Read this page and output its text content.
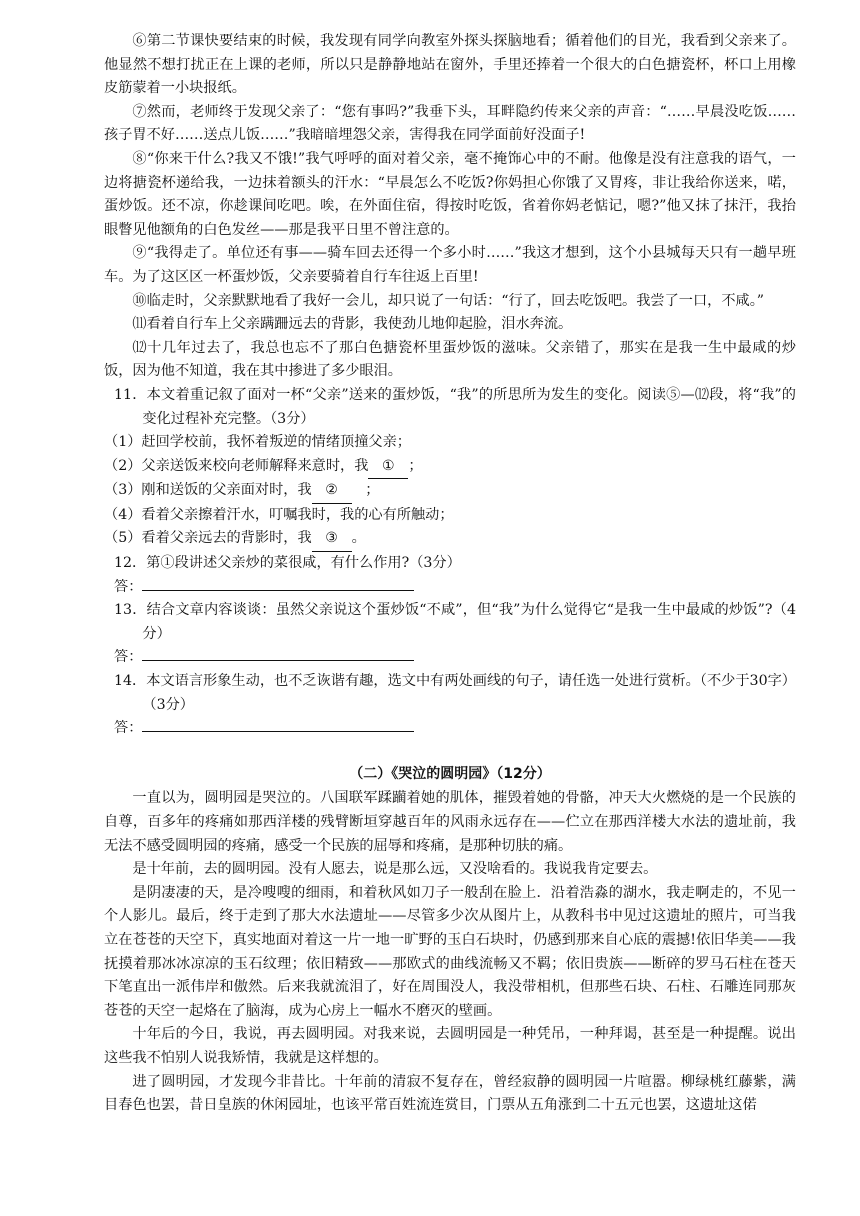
⑥第二节课快要结束的时候，我发现有同学向教室外探头探脑地看；循着他们的目光，我看到父亲来了。他显然不想打扰正在上课的老师，所以只是静静地站在窗外，手里还捧着一个很大的白色搪瓷杯，杯口上用橡皮筋蒙着一小块报纸。

⑦然而，老师终于发现父亲了：“您有事吗?”我垂下头，耳畔隐约传来父亲的声音：“……早晨没吃饭……孩子胃不好……送点儿饭……”我暗暗埋怨父亲，害得我在同学面前好没面子!

⑧“你来干什么?我又不饿!”我气呼呼的面对着父亲，毫不掩饰心中的不耐。他像是没有注意我的语气，一边将搪瓷杯递给我，一边抹着额头的汗水：“早晨怎么不吃饭?你妈担心你饿了又胃疼，非让我给你送来，喏，蛋炒饭。还不凉，你趁课间吃吧。唉，在外面住宿，得按时吃饭，省着你妈老惦记，嗯?”他又抹了抹汗，我抬眼瞥见他额角的白色发丝——那是我平日里不曾注意的。

⑨“我得走了。单位还有事——骑车回去还得一个多小时……”我这才想到，这个小县城每天只有一趟早班车。为了这区区一杯蛋炒饭，父亲要骑着自行车往返上百里!

⑩临走时，父亲默默地看了我好一会儿，却只说了一句话：“行了，回去吃饭吧。我尝了一口，不咸。”

⑾看着自行车上父亲蹒跚远去的背影，我使劲儿地仰起脸，泪水奔流。

⑿十几年过去了，我总也忘不了那白色搪瓷杯里蛋炒饭的滋味。父亲错了，那实在是我一生中最咸的炒饭，因为他不知道，我在其中掺进了多少眼泪。

11．本文着重记叙了面对一杯“父亲”送来的蛋炒饭，“我”的所思所为发生的变化。阅读⑤—⑿段，将“我”的变化过程补充完整。（3分）

（1）赶回学校前，我怀着叛逆的情绪顶撞父亲；

（2）父亲送饭来校向老师解释来意时，我 ① ；

（3）刚和送饭的父亲面对时，我 ② ；

（4）看着父亲擦着汗水，叮嘱我时，我的心有所触动；

（5）看着父亲远去的背影时，我 ③ 。

12．第①段讲述父亲炒的菜很咸，有什么作用?（3分）

答：

13．结合文章内容谈谈：虽然父亲说这个蛋炒饭“不咸”，但“我”为什么觉得它“是我一生中最咸的炒饭”?（4分）

答：

14．本文语言形象生动，也不乏诙谐有趣，选文中有两处画线的句子，请任选一处进行赏析。（不少于30字）（3分）

答：

（二）《哭泣的圆明园》（12分）

一直以为，圆明园是哭泣的。八国联军蹂躏着她的肌体，摧毁着她的骨骼，冲天大火燃烧的是一个民族的自尊，百多年的疼痛如那西洋楼的残臂断垣穿越百年的风雨永远存在——伫立在那西洋楼大水法的遗址前，我无法不感受圆明园的疼痛，感受一个民族的屈辱和疼痛，是那种切肤的痛。

是十年前，去的圆明园。没有人愿去，说是那么远，又没啥看的。我说我肯定要去。

是阴凄凄的天，是冷嗖嗖的细雨，和着秋风如刀子一般刮在脸上．沿着浩淼的湖水，我走啊走的，不见一个人影儿。最后，终于走到了那大水法遗址——尽管多少次从图片上，从教科书中见过这遗址的照片，可当我立在苍苍的天空下，真实地面对着这一片一地一旷野的玉白石块时，仍感到那来自心底的震撼!依旧华美——我抚摸着那冰冰凉凉的玉石纹理；依旧精致——那欧式的曲线流畅又不羁；依旧贵族——断碎的罗马石柱在苍天下笔直出一派伟岸和傲然。后来我就流泪了，好在周围没人，我没带相机，但那些石块、石柱、石雕连同那灰苍苍的天空一起烙在了脑海，成为心房上一幅水不磨灭的壁画。

十年后的今日，我说，再去圆明园。对我来说，去圆明园是一种凭吊，一种拜谒，甚至是一种提醒。说出这些我不怕别人说我矫情，我就是这样想的。

进了圆明园，才发现今非昔比。十年前的清寂不复存在，曾经寂静的圆明园一片喧嚣。柳绿桃红藤紫，满目春色也罢，昔日皇族的休闲园址，也该平常百姓流连赏目，门票从五角涨到二十五元也罢，这遗址这偌
